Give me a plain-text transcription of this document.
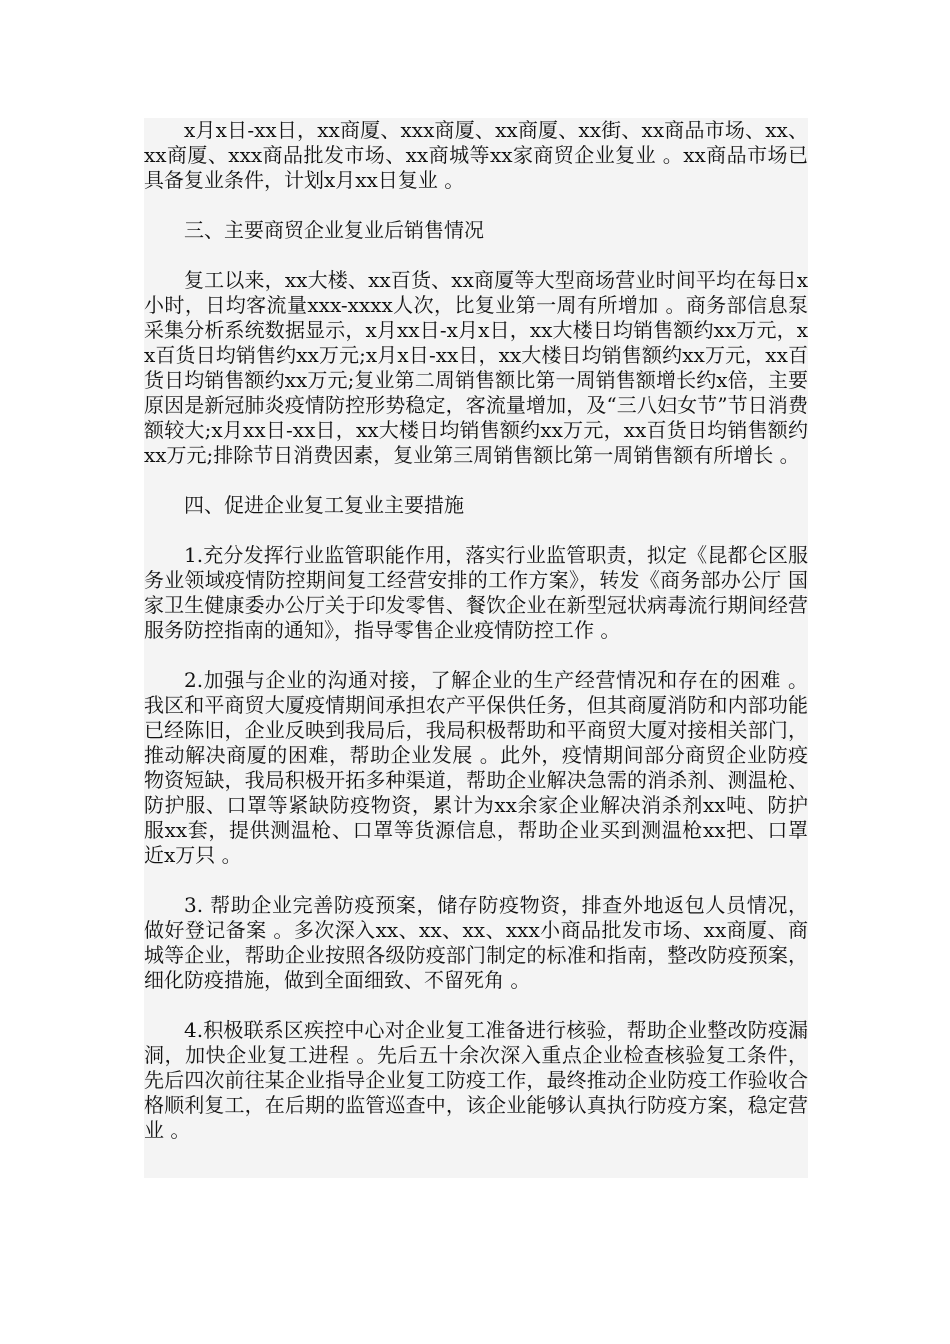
x月x日-xx日，xx商厦、xxx商厦、xx商厦、xx街、xx商品市场、xx、xx商厦、xxx商品批发市场、xx商城等xx家商贸企业复业 。xx商品市场已具备复业条件，计划x月xx日复业 。

三、主要商贸企业复业后销售情况

复工以来，xx大楼、xx百货、xx商厦等大型商场营业时间平均在每日x小时，日均客流量xxx-xxxx人次，比复业第一周有所增加 。商务部信息泵采集分析系统数据显示，x月xx日-x月x日，xx大楼日均销售额约xx万元，xx百货日均销售约xx万元;x月x日-xx日，xx大楼日均销售额约xx万元，xx百货日均销售额约xx万元;复业第二周销售额比第一周销售额增长约x倍，主要原因是新冠肺炎疫情防控形势稳定，客流量增加，及“三八妇女节”节日消费额较大;x月xx日-xx日，xx大楼日均销售额约xx万元，xx百货日均销售额约xx万元;排除节日消费因素，复业第三周销售额比第一周销售额有所增长 。

四、促进企业复工复业主要措施

1.充分发挥行业监管职能作用，落实行业监管职责，拟定《昆都仑区服务业领域疫情防控期间复工经营安排的工作方案》，转发《商务部办公厅 国家卫生健康委办公厅关于印发零售、餐饮企业在新型冠状病毒流行期间经营服务防控指南的通知》，指导零售企业疫情防控工作 。

2.加强与企业的沟通对接，了解企业的生产经营情况和存在的困难 。我区和平商贸大厦疫情期间承担农产平保供任务，但其商厦消防和内部功能已经陈旧，企业反映到我局后，我局积极帮助和平商贸大厦对接相关部门，推动解决商厦的困难，帮助企业发展 。此外，疫情期间部分商贸企业防疫物资短缺，我局积极开拓多种渠道，帮助企业解决急需的消杀剂、测温枪、防护服、口罩等紧缺防疫物资，累计为xx余家企业解决消杀剂xx吨、防护服xx套，提供测温枪、口罩等货源信息，帮助企业买到测温枪xx把、口罩近x万只 。

3. 帮助企业完善防疫预案，储存防疫物资，排查外地返包人员情况，做好登记备案 。多次深入xx、xx、xx、xxx小商品批发市场、xx商厦、商城等企业，帮助企业按照各级防疫部门制定的标准和指南，整改防疫预案，细化防疫措施，做到全面细致、不留死角 。

4.积极联系区疾控中心对企业复工准备进行核验，帮助企业整改防疫漏洞，加快企业复工进程 。先后五十余次深入重点企业检查核验复工条件，先后四次前往某企业指导企业复工防疫工作，最终推动企业防疫工作验收合格顺利复工，在后期的监管巡查中，该企业能够认真执行防疫方案，稳定营业 。
